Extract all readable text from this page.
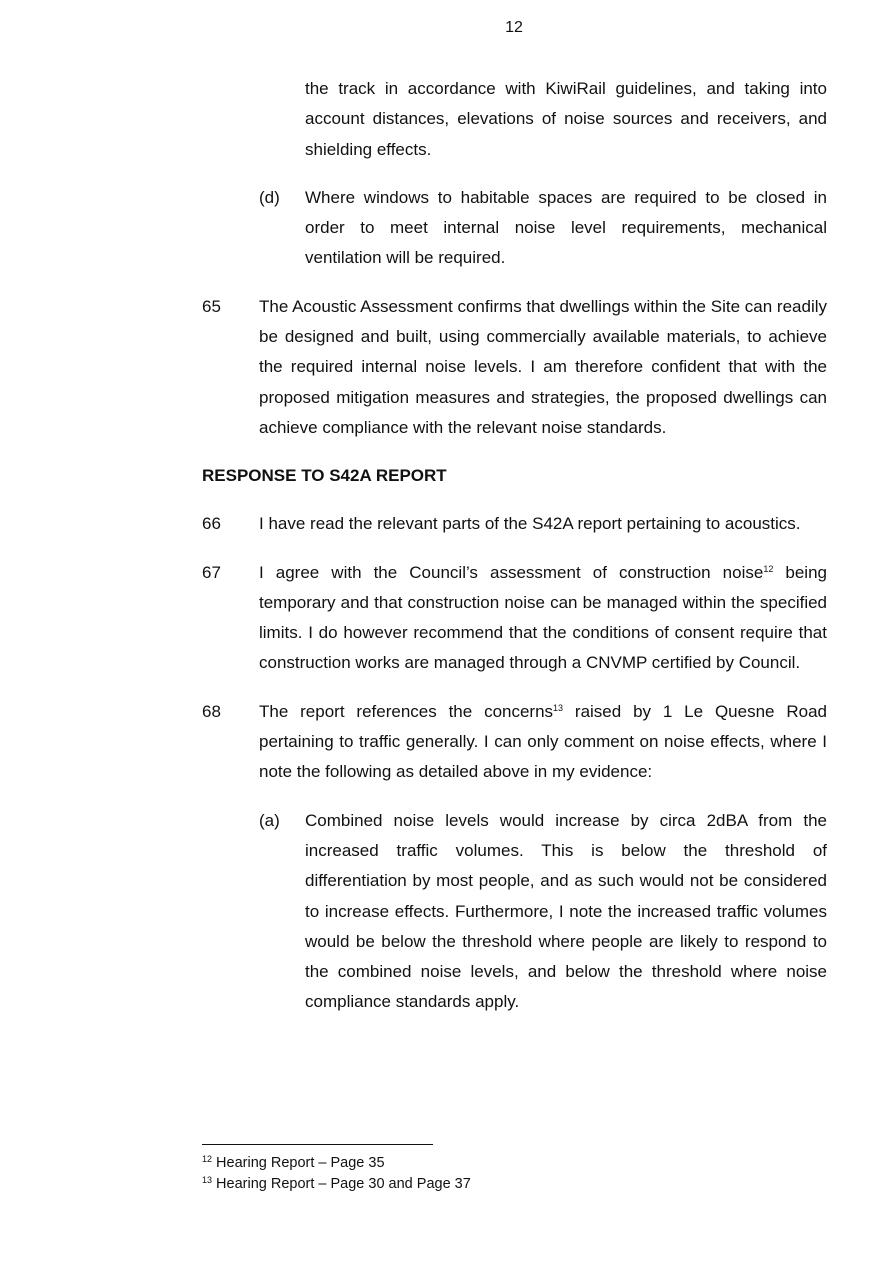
12
the track in accordance with KiwiRail guidelines, and taking into account distances, elevations of noise sources and receivers, and shielding effects.
(d)	Where windows to habitable spaces are required to be closed in order to meet internal noise level requirements, mechanical ventilation will be required.
65	The Acoustic Assessment confirms that dwellings within the Site can readily be designed and built, using commercially available materials, to achieve the required internal noise levels. I am therefore confident that with the proposed mitigation measures and strategies, the proposed dwellings can achieve compliance with the relevant noise standards.
RESPONSE TO S42A REPORT
66	I have read the relevant parts of the S42A report pertaining to acoustics.
67	I agree with the Council’s assessment of construction noise$^{12}$ being temporary and that construction noise can be managed within the specified limits. I do however recommend that the conditions of consent require that construction works are managed through a CNVMP certified by Council.
68	The report references the concerns$^{13}$ raised by 1 Le Quesne Road pertaining to traffic generally. I can only comment on noise effects, where I note the following as detailed above in my evidence:
(a)	Combined noise levels would increase by circa 2dBA from the increased traffic volumes. This is below the threshold of differentiation by most people, and as such would not be considered to increase effects. Furthermore, I note the increased traffic volumes would be below the threshold where people are likely to respond to the combined noise levels, and below the threshold where noise compliance standards apply.
$^{12}$ Hearing Report – Page 35
$^{13}$ Hearing Report – Page 30 and Page 37
